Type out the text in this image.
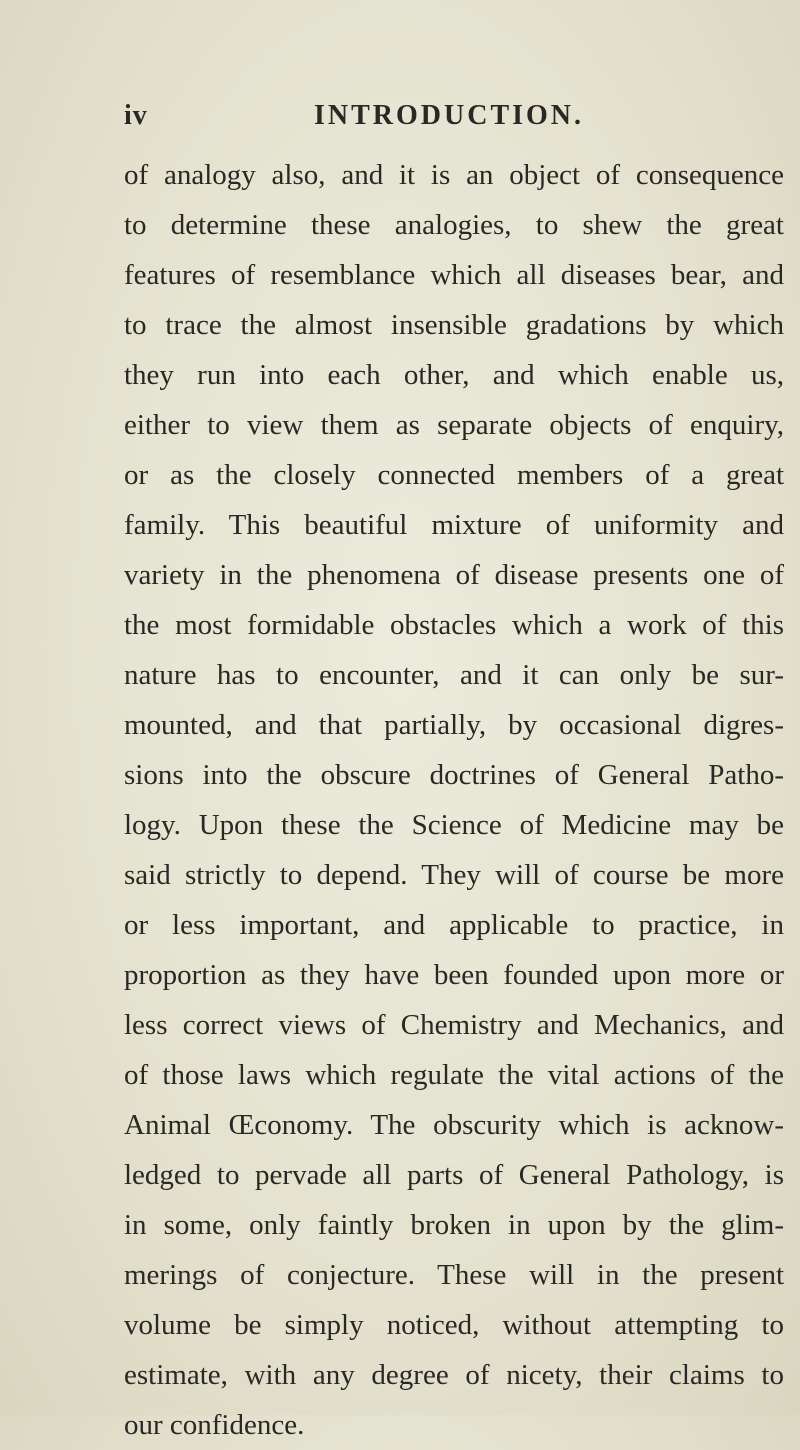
iv	INTRODUCTION.
of analogy also, and it is an object of consequence
to determine these analogies, to shew the great
features of resemblance which all diseases bear, and
to trace the almost insensible gradations by which
they run into each other, and which enable us,
either to view them as separate objects of enquiry,
or as the closely connected members of a great
family. This beautiful mixture of uniformity and
variety in the phenomena of disease presents one of
the most formidable obstacles which a work of this
nature has to encounter, and it can only be sur-
mounted, and that partially, by occasional digres-
sions into the obscure doctrines of General Patho-
logy. Upon these the Science of Medicine may be
said strictly to depend. They will of course be more
or less important, and applicable to practice, in
proportion as they have been founded upon more or
less correct views of Chemistry and Mechanics, and
of those laws which regulate the vital actions of the
Animal Œconomy. The obscurity which is acknow-
ledged to pervade all parts of General Pathology, is
in some, only faintly broken in upon by the glim-
merings of conjecture. These will in the present
volume be simply noticed, without attempting to
estimate, with any degree of nicety, their claims to
our confidence.
